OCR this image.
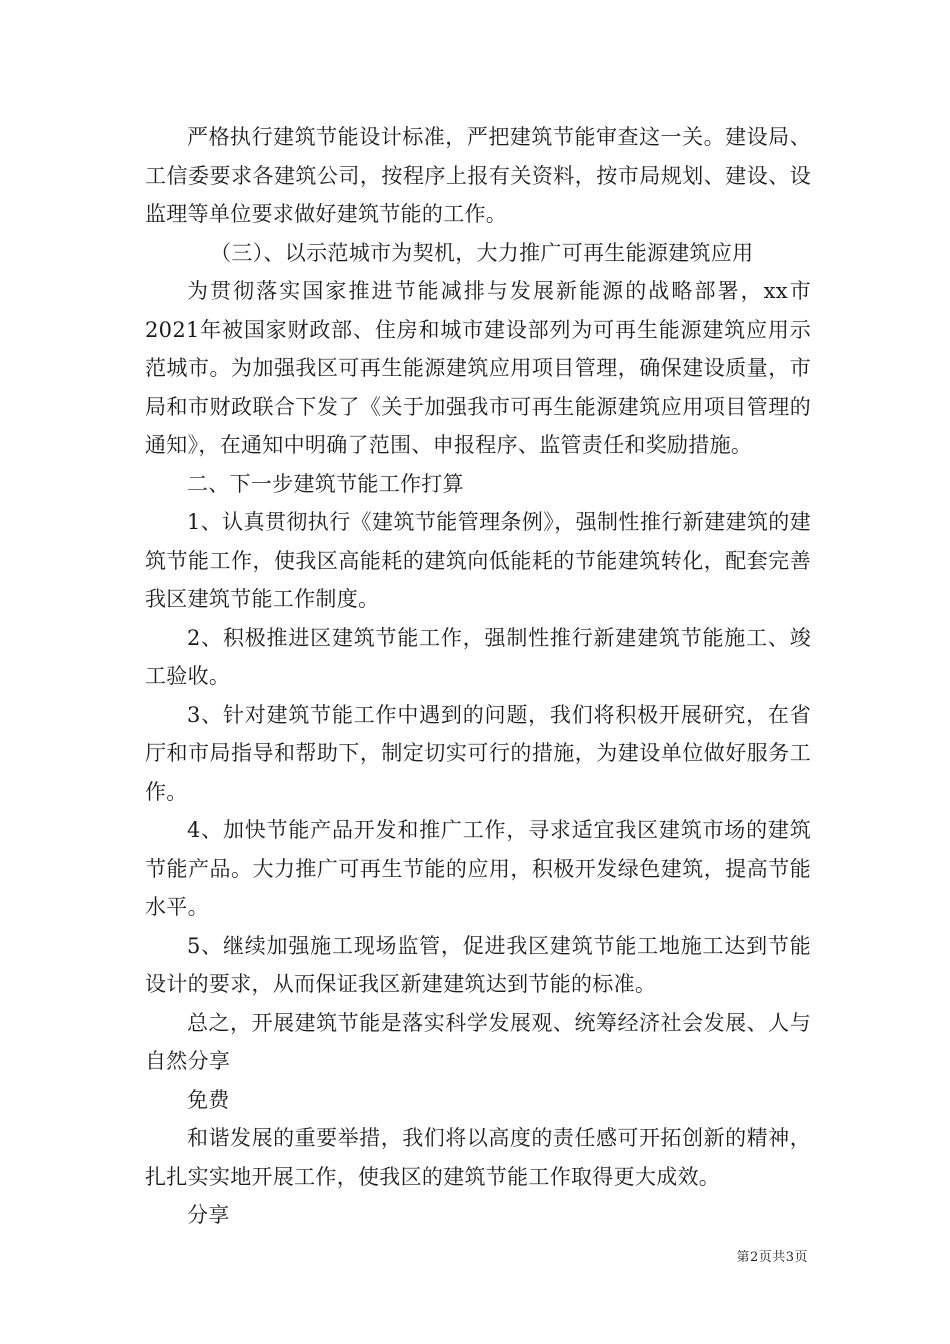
严格执行建筑节能设计标准，严把建筑节能审查这一关。建设局、工信委要求各建筑公司，按程序上报有关资料，按市局规划、建设、设监理等单位要求做好建筑节能的工作。

（三）、以示范城市为契机，大力推广可再生能源建筑应用

为贯彻落实国家推进节能减排与发展新能源的战略部署，xx市2021年被国家财政部、住房和城市建设部列为可再生能源建筑应用示范城市。为加强我区可再生能源建筑应用项目管理，确保建设质量，市局和市财政联合下发了《关于加强我市可再生能源建筑应用项目管理的通知》，在通知中明确了范围、申报程序、监管责任和奖励措施。

二、下一步建筑节能工作打算

1、认真贯彻执行《建筑节能管理条例》，强制性推行新建建筑的建筑节能工作，使我区高能耗的建筑向低能耗的节能建筑转化，配套完善我区建筑节能工作制度。

2、积极推进区建筑节能工作，强制性推行新建建筑节能施工、竣工验收。

3、针对建筑节能工作中遇到的问题，我们将积极开展研究，在省厅和市局指导和帮助下，制定切实可行的措施，为建设单位做好服务工作。

4、加快节能产品开发和推广工作，寻求适宜我区建筑市场的建筑节能产品。大力推广可再生节能的应用，积极开发绿色建筑，提高节能水平。

5、继续加强施工现场监管，促进我区建筑节能工地施工达到节能设计的要求，从而保证我区新建建筑达到节能的标准。

总之，开展建筑节能是落实科学发展观、统筹经济社会发展、人与自然分享

免费

和谐发展的重要举措，我们将以高度的责任感可开拓创新的精神，扎扎实实地开展工作，使我区的建筑节能工作取得更大成效。

分享

第2页共3页
